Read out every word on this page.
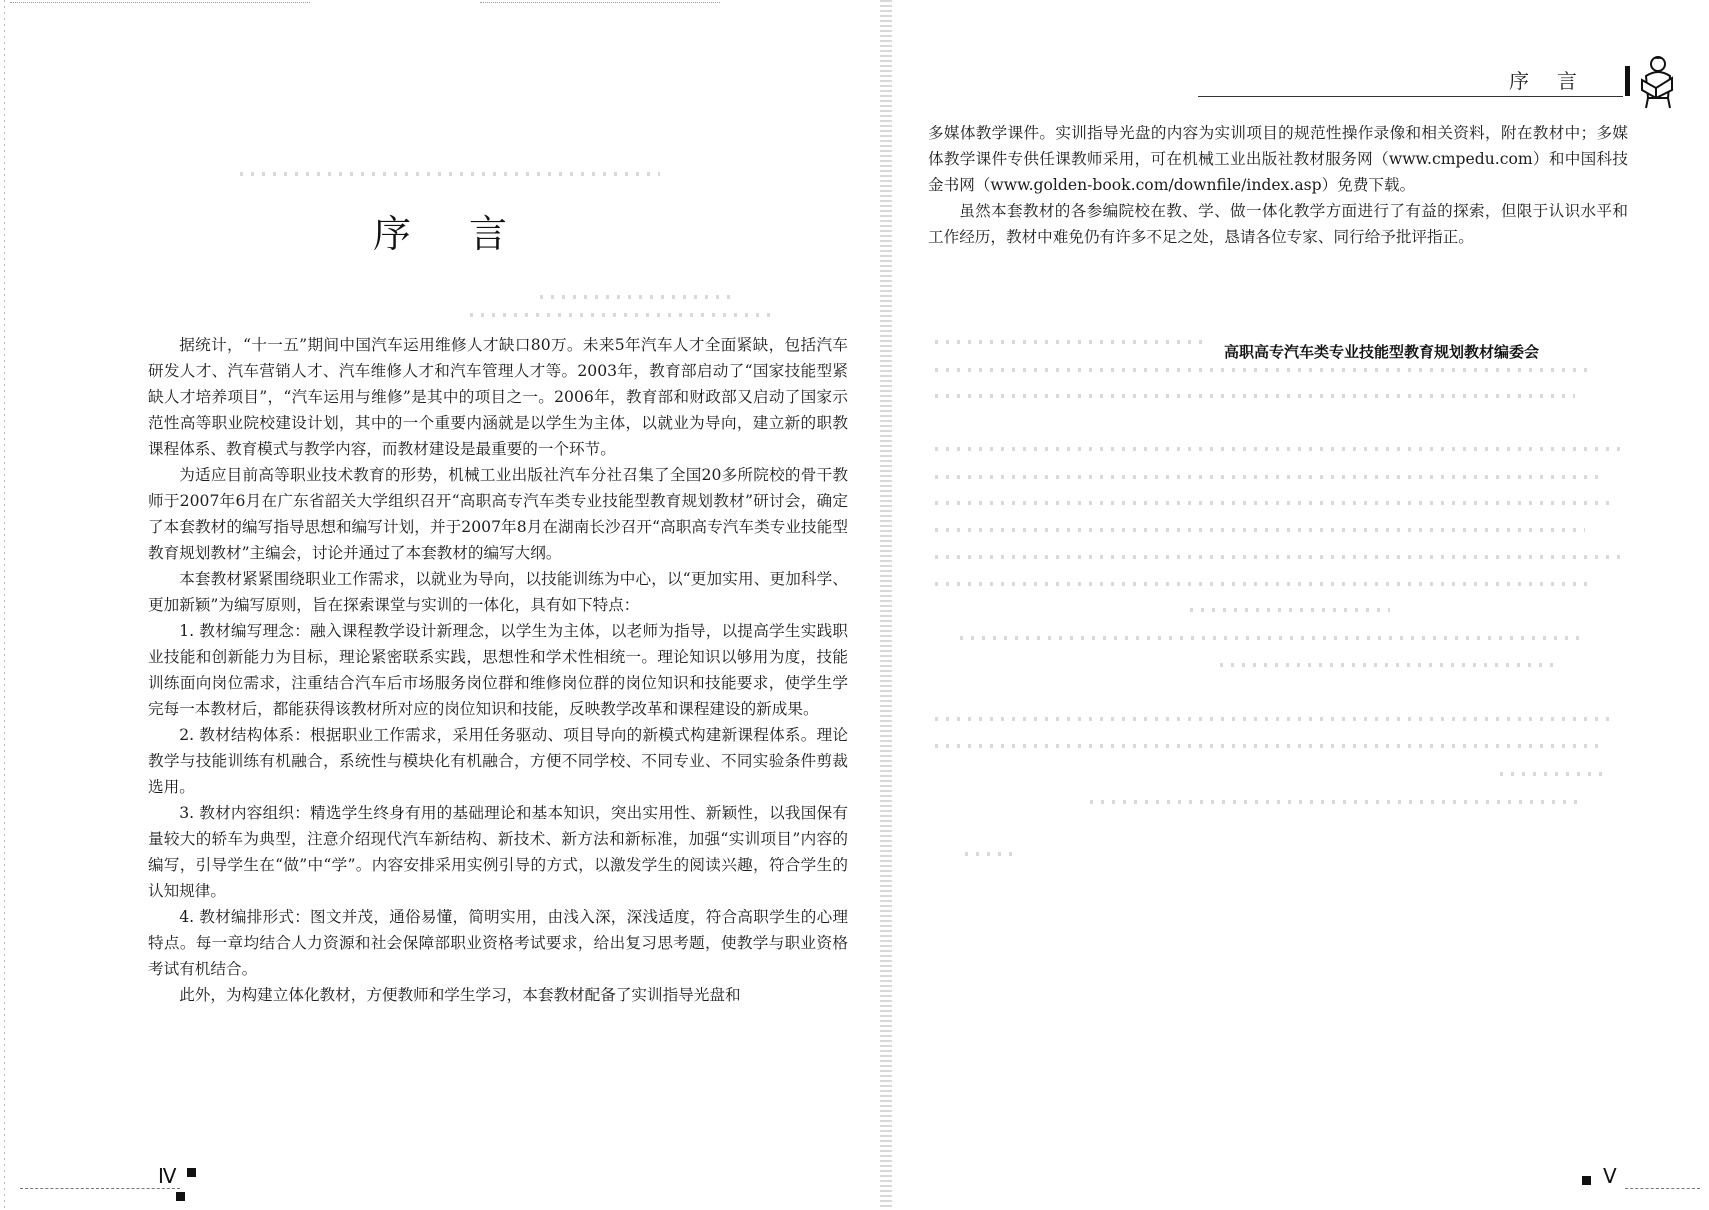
序言

据统计，“十一五”期间中国汽车运用维修人才缺口80万。未来5年汽车人才全面紧缺，包括汽车研发人才、汽车营销人才、汽车维修人才和汽车管理人才等。2003年，教育部启动了“国家技能型紧缺人才培养项目”，“汽车运用与维修”是其中的项目之一。2006年，教育部和财政部又启动了国家示范性高等职业院校建设计划，其中的一个重要内涵就是以学生为主体，以就业为导向，建立新的职教课程体系、教育模式与教学内容，而教材建设是最重要的一个环节。

为适应目前高等职业技术教育的形势，机械工业出版社汽车分社召集了全国20多所院校的骨干教师于2007年6月在广东省韶关大学组织召开“高职高专汽车类专业技能型教育规划教材”研讨会，确定了本套教材的编写指导思想和编写计划，并于2007年8月在湖南长沙召开“高职高专汽车类专业技能型教育规划教材”主编会，讨论并通过了本套教材的编写大纲。

本套教材紧紧围绕职业工作需求，以就业为导向，以技能训练为中心，以“更加实用、更加科学、更加新颖”为编写原则，旨在探索课堂与实训的一体化，具有如下特点：

1. 教材编写理念：融入课程教学设计新理念，以学生为主体，以老师为指导，以提高学生实践职业技能和创新能力为目标，理论紧密联系实践，思想性和学术性相统一。理论知识以够用为度，技能训练面向岗位需求，注重结合汽车后市场服务岗位群和维修岗位群的岗位知识和技能要求，使学生学完每一本教材后，都能获得该教材所对应的岗位知识和技能，反映教学改革和课程建设的新成果。

2. 教材结构体系：根据职业工作需求，采用任务驱动、项目导向的新模式构建新课程体系。理论教学与技能训练有机融合，系统性与模块化有机融合，方便不同学校、不同专业、不同实验条件剪裁选用。

3. 教材内容组织：精选学生终身有用的基础理论和基本知识，突出实用性、新颖性，以我国保有量较大的轿车为典型，注意介绍现代汽车新结构、新技术、新方法和新标准，加强“实训项目”内容的编写，引导学生在“做”中“学”。内容安排采用实例引导的方式，以激发学生的阅读兴趣，符合学生的认知规律。

4. 教材编排形式：图文并茂，通俗易懂，简明实用，由浅入深，深浅适度，符合高职学生的心理特点。每一章均结合人力资源和社会保障部职业资格考试要求，给出复习思考题，使教学与职业资格考试有机结合。

此外，为构建立体化教材，方便教师和学生学习，本套教材配备了实训指导光盘和

Ⅳ
序言

多媒体教学课件。实训指导光盘的内容为实训项目的规范性操作录像和相关资料，附在教材中；多媒体教学课件专供任课教师采用，可在机械工业出版社教材服务网（www.cmpedu.com）和中国科技金书网（www.golden-book.com/downfile/index.asp）免费下载。

虽然本套教材的各参编院校在教、学、做一体化教学方面进行了有益的探索，但限于认识水平和工作经历，教材中难免仍有许多不足之处，恳请各位专家、同行给予批评指正。

高职高专汽车类专业技能型教育规划教材编委会
Ⅴ
